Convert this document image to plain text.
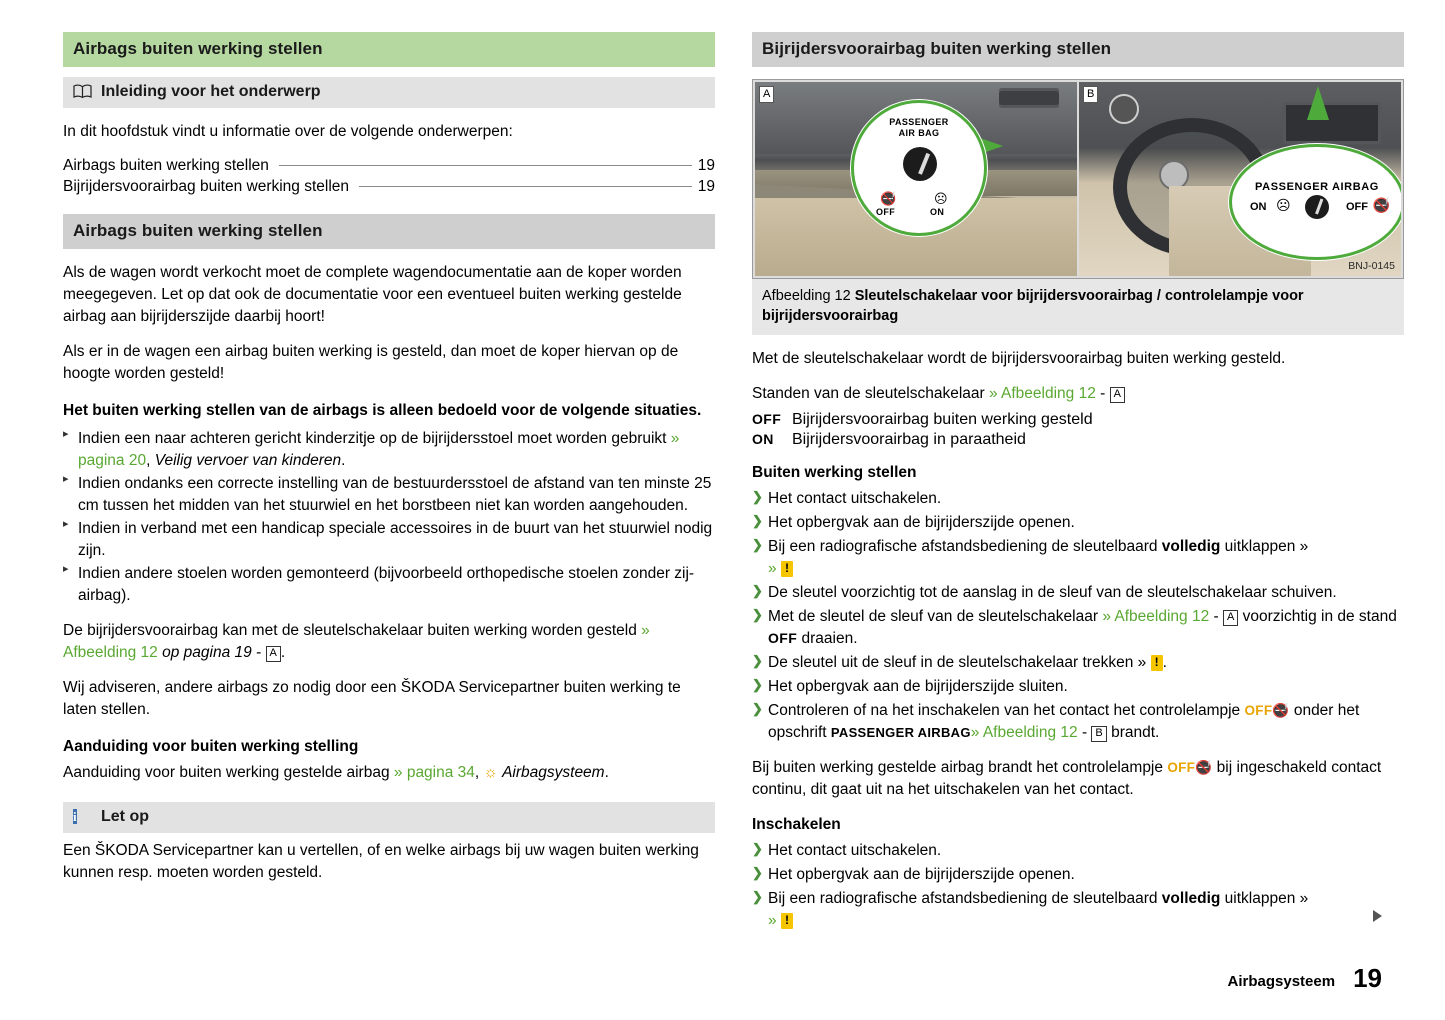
Airbags buiten werking stellen
Inleiding voor het onderwerp

In dit hoofdstuk vindt u informatie over de volgende onderwerpen:

Airbags buiten werking stellen	19
Bijrijdersvoorairbag buiten werking stellen	19
Airbags buiten werking stellen

Als de wagen wordt verkocht moet de complete wagendocumentatie aan de koper worden meegegeven. Let op dat ook de documentatie voor een eventueel buiten werking gestelde airbag aan bijrijderszijde daarbij hoort!

Als er in de wagen een airbag buiten werking is gesteld, dan moet de koper hiervan op de hoogte worden gesteld!

Het buiten werking stellen van de airbags is alleen bedoeld voor de volgende situaties.
▸ Indien een naar achteren gericht kinderzitje op de bijrijdersstoel moet worden gebruikt » pagina 20, Veilig vervoer van kinderen.
▸ Indien ondanks een correcte instelling van de bestuurdersstoel de afstand van ten minste 25 cm tussen het midden van het stuurwiel en het borstbeen niet kan worden aangehouden.
▸ Indien in verband met een handicap speciale accessoires in de buurt van het stuurwiel nodig zijn.
▸ Indien andere stoelen worden gemonteerd (bijvoorbeeld orthopedische stoelen zonder zij-airbag).

De bijrijdersvoorairbag kan met de sleutelschakelaar buiten werking worden gesteld » Afbeelding 12 op pagina 19 - A .

Wij adviseren, andere airbags zo nodig door een ŠKODA Servicepartner buiten werking te laten stellen.

Aanduiding voor buiten werking stelling

Aanduiding voor buiten werking gestelde airbag » pagina 34, ☼ Airbagsysteem.

i	Let op

Een ŠKODA Servicepartner kan u vertellen, of en welke airbags bij uw wagen buiten werking kunnen resp. moeten worden gesteld.

Bijrijdersvoorairbag buiten werking stellen
A
PASSENGER
AIR BAG
🚭	☹
OFF	ON
B
PASSENGER AIRBAG
ON ☹	OFF 🚭
BNJ-0145
Afbeelding 12 Sleutelschakelaar voor bijrijdersvoorairbag / controlelampje voor bijrijdersvoorairbag

Met de sleutelschakelaar wordt de bijrijdersvoorairbag buiten werking gesteld.

Standen van de sleutelschakelaar » Afbeelding 12 - A

OFF Bijrijdersvoorairbag buiten werking gesteld
ON	Bijrijdersvoorairbag in paraatheid
Buiten werking stellen
❯ Het contact uitschakelen.
❯ Het opbergvak aan de bijrijderszijde openen.
❯ Bij een radiografische afstandsbediening de sleutelbaard volledig uitklappen »
» !
❯ De sleutel voorzichtig tot de aanslag in de sleuf van de sleutelschakelaar schuiven.
❯ Met de sleutel de sleuf van de sleutelschakelaar » Afbeelding 12 - A voorzichtig in de stand OFF draaien.
❯ De sleutel uit de sleuf in de sleutelschakelaar trekken » ! .
❯ Het opbergvak aan de bijrijderszijde sluiten.
❯ Controleren of na het inschakelen van het contact het controlelampje OFF🚭 onder het opschrift PASSENGER AIRBAG» Afbeelding 12 - B brandt.

Bij buiten werking gestelde airbag brandt het controlelampje OFF🚭 bij ingeschakeld contact continu, dit gaat uit na het uitschakelen van het contact.

Inschakelen
❯ Het contact uitschakelen.
❯ Het opbergvak aan de bijrijderszijde openen.
❯ Bij een radiografische afstandsbediening de sleutelbaard volledig uitklappen »
» !
Airbagsysteem 19
